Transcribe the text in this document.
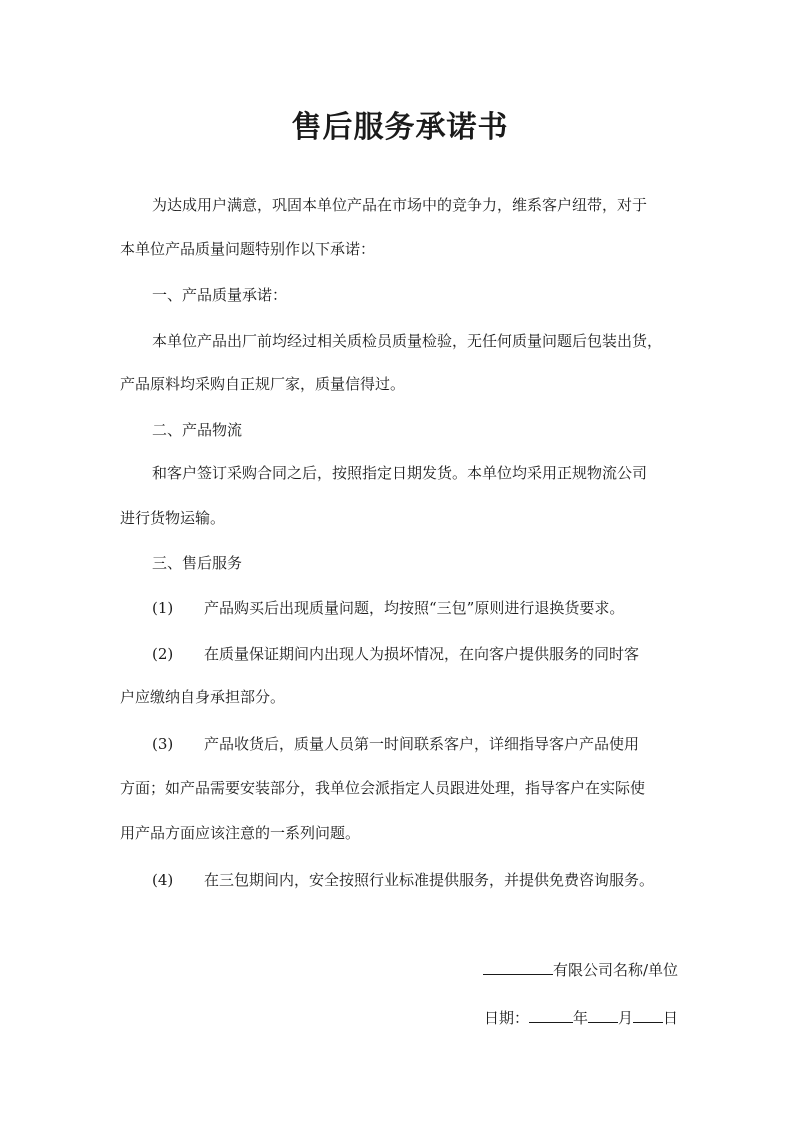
售后服务承诺书
为达成用户满意，巩固本单位产品在市场中的竞争力，维系客户纽带，对于
本单位产品质量问题特别作以下承诺：
一、产品质量承诺：
本单位产品出厂前均经过相关质检员质量检验，无任何质量问题后包装出货，
产品原料均采购自正规厂家，质量信得过。
二、产品物流
和客户签订采购合同之后，按照指定日期发货。本单位均采用正规物流公司
进行货物运输。
三、售后服务
(1) 产品购买后出现质量问题，均按照“三包”原则进行退换货要求。
(2) 在质量保证期间内出现人为损坏情况，在向客户提供服务的同时客
户应缴纳自身承担部分。
(3) 产品收货后，质量人员第一时间联系客户，详细指导客户产品使用
方面；如产品需要安装部分，我单位会派指定人员跟进处理，指导客户在实际使
用产品方面应该注意的一系列问题。
(4) 在三包期间内，安全按照行业标准提供服务，并提供免费咨询服务。
有限公司名称/单位
日期：	年 月 日
